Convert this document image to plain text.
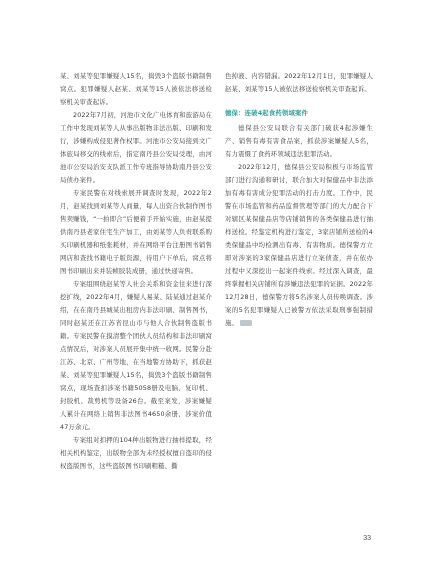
某、刘某等犯罪嫌疑人15名，捣毁3个盗版书籍制售窝点。犯罪嫌疑人赵某、刘某等15人被依法移送检察机关审查起诉。

2022年7月初，河池市文化广电体育和旅游局在工作中发现刘某等人从事出版物非法出版、印刷和发行，涉嫌构成侵犯著作权罪。河池市公安局接到文广体旅局移交的线索后，指定南丹县公安局受理，由河池市公安局治安支队派工作专班指导协助南丹县公安局侦办案件。

专案民警在对线索展开调查时发现，2022年2月，赵某找到刘某等人商量，每人出资合伙制作图书售卖赚钱，“一拍即合”后便着手开始实施，由赵某提供南丹县老家住宅生产加工，由刘某等人负责联系购买印刷机器和纸张耗材，并在网络平台注册图书销售网店和查找书籍电子版资源，待用户下单后，窝点将图书印刷出来并装帧胶装成册，通过快递寄售。

专案组围绕赵某等人社会关系和资金往来进行深挖扩线，2022年4月，嫌疑人易某、陆某通过赵某介绍，在在南丹县城某出租房内非法印刷、制售图书，同时赵某还在江苏省昆山市与他人合伙制售盗版书籍。专案民警在摸清整个团伙人员结构和非法印刷窝点情况后，对涉案人员展开集中统一收网。民警分赴江苏、北京、广州等地，在当地警方协助下，抓获赵某、刘某等犯罪嫌疑人15名，捣毁3个盗版书籍制售窝点，现场查扣涉案书籍5058册及电脑、复印机、封胶机、裁剪机等设备26台。截至案发，涉案嫌疑人累计在网络上销售非法图书4650余册，涉案价值47万余元。

专案组对扣押的104种出版物进行抽样提取，经相关机构鉴定，出版物全部为未经授权擅自盗印的侵权盗版图书，这些盗版图书印刷粗糙、撕

色掉液、内容错漏。2022年12月1日，犯罪嫌疑人赵某、刘某等15人被依法移送检察机关审查起诉。

德保：连破4起食药领域案件

德保县公安局联合有关部门破获4起涉嫌生产、销售有毒有害食品案，抓获涉案嫌疑人5名，有力震慑了食药环领域违法犯罪活动。

2022年12月，德保县公安局积极与市场监管部门进行沟通和研讨，联合加大对保健品中非法添加有毒有害成分犯罪活动的打击力度。工作中，民警在市场监管和药品监督管理等部门的大力配合下对辖区某保健品店等店铺销售的各类保健品进行抽样送检。经鉴定机构进行鉴定，3家店铺所送检的4类保健品中均检测出有毒、有害物质。德保警方立即对涉案的3家保健品店进行立案侦查，并在依办过程中又深挖出一起案件线索。经过深入调查，最终掌握相关店铺所有涉嫌违法犯罪的证据。2022年12月28日，德保警方将5名涉案人员传唤调查。涉案的5名犯罪嫌疑人已被警方依法采取刑事强制措施。

33
